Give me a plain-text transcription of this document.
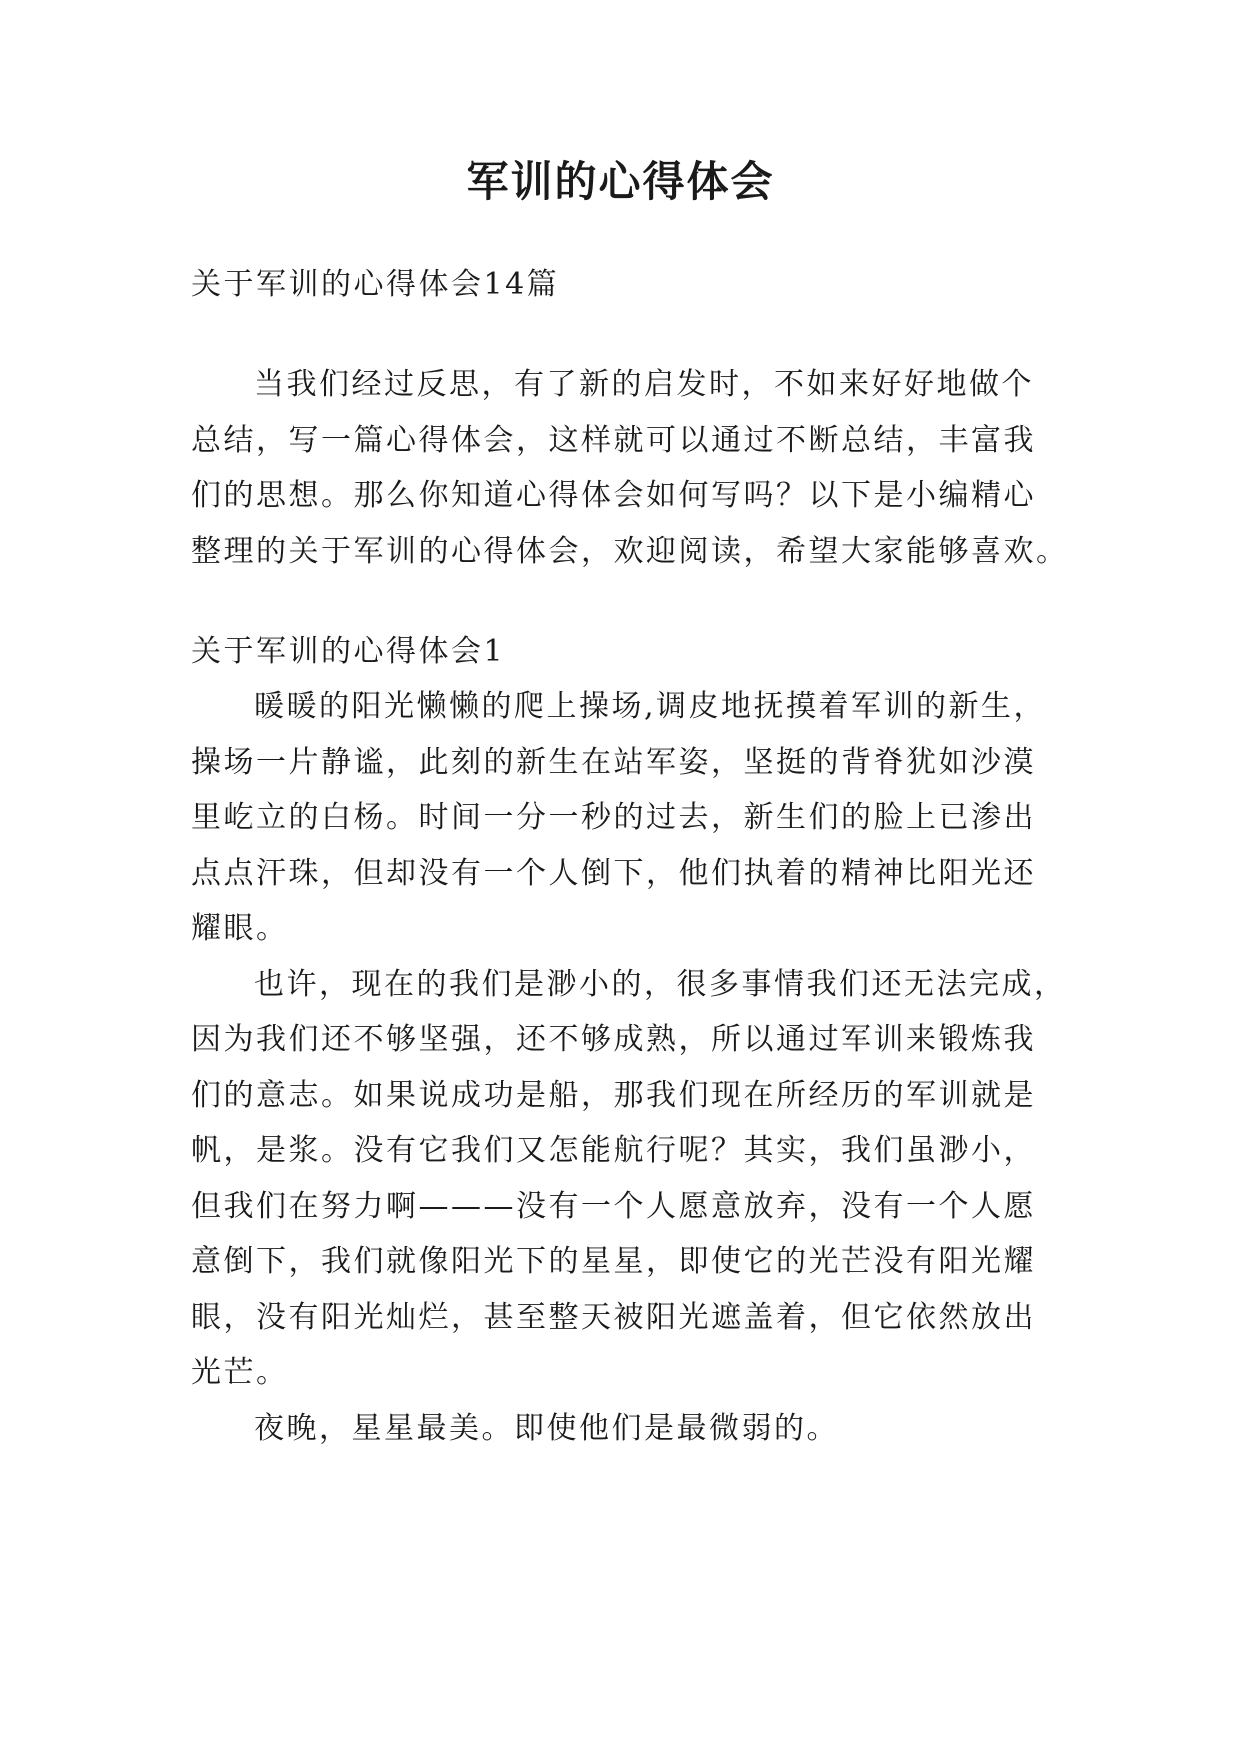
军训的心得体会

关于军训的心得体会14篇

当我们经过反思，有了新的启发时，不如来好好地做个

总结，写一篇心得体会，这样就可以通过不断总结，丰富我

们的思想。那么你知道心得体会如何写吗？以下是小编精心

整理的关于军训的心得体会，欢迎阅读，希望大家能够喜欢。

关于军训的心得体会1

暖暖的阳光懒懒的爬上操场,调皮地抚摸着军训的新生，

操场一片静谧，此刻的新生在站军姿，坚挺的背脊犹如沙漠

里屹立的白杨。时间一分一秒的过去，新生们的脸上已渗出

点点汗珠，但却没有一个人倒下，他们执着的精神比阳光还

耀眼。

也许，现在的我们是渺小的，很多事情我们还无法完成，

因为我们还不够坚强，还不够成熟，所以通过军训来锻炼我

们的意志。如果说成功是船，那我们现在所经历的军训就是

帆，是浆。没有它我们又怎能航行呢？其实，我们虽渺小，

但我们在努力啊———没有一个人愿意放弃，没有一个人愿

意倒下，我们就像阳光下的星星，即使它的光芒没有阳光耀

眼，没有阳光灿烂，甚至整天被阳光遮盖着，但它依然放出

光芒。

夜晚，星星最美。即使他们是最微弱的。
